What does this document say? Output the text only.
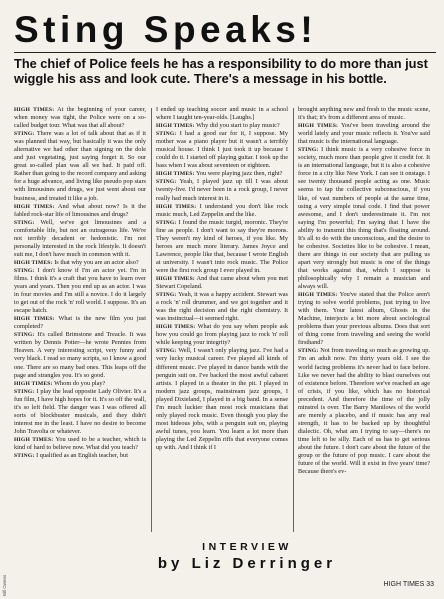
Sting Speaks!
The chief of Police feels he has a responsibility to do more than just wiggle his ass and look cute. There's a message in his bottle.

HIGH TIMES: At the beginning of your career, when money was tight, the Police were on a so-called budget tour. What was that all about?

STING: There was a lot of talk about that as if it was planned that way, but basically it was the only alternative we had other than signing on the dole and just vegetating, just saying forget it. So our great so-called plan was all we had. It paid off. Rather than going to the record company and asking for a huge advance, and living like pseudo pop stars with limousines and drugs, we just went about our business, and treated it like a job.

HIGH TIMES: And what about now? Is it the fabled rock-star life of limousines and drugs?

STING: Well, we've got limousines and a comfortable life, but not an outrageous life. We're not terribly decadent or hedonistic. I'm not personally interested in the rock lifestyle. It doesn't suit me, I don't have much in common with it.

HIGH TIMES: Is that why you are an actor also?

STING: I don't know if I'm an actor yet. I'm in films. I think it's a craft that you have to learn over years and years. Then you end up as an actor. I was in four movies and I'm still a novice. I do it largely to get out of the rock 'n' roll world. I suppose. It's an escape hatch.

HIGH TIMES: What is the new film you just completed?

STING: It's called Brimstone and Treacle. It was written by Dennis Potter—he wrote Pennies from Heaven. A very interesting script, very funny and very black. I read so many scripts, so I know a good one. There are so many bad ones. This leaps off the page and strangles you. It's so good.

HIGH TIMES: Whom do you play?

STING: I play the lead opposite Lady Olivier. It's a fun film, I have high hopes for it. It's so off the wall, it's so left field. The danger was I was offered all sorts of blockbuster musicals, and they didn't interest me in the least. I have no desire to become John Travolta or whatever.

HIGH TIMES: You used to be a teacher, which is kind of hard to believe now. What did you teach?

STING: I qualified as an English teacher, but

I ended up teaching soccer and music in a school where I taught ten-year-olds. [Laughs.]

HIGH TIMES: Why did you start to play music?

STING: I had a good ear for it, I suppose. My mother was a piano player but it wasn't a terribly musical house. I think I just took it up because I could do it. I started off playing guitar. I took up the bass when I was about seventeen or eighteen.

HIGH TIMES: You were playing jazz then, right?

STING: Yeah, I played jazz up till I was about twenty-five. I'd never been in a rock group, I never really had much interest in it.

HIGH TIMES: I understand you don't like rock music much, Led Zeppelin and the like.

STING: I found the music turgid, moronic. They're fine as people. I don't want to say they're morons. They weren't my kind of heroes, if you like. My heroes are much more literary. James Joyce and Lawrence, people like that, because I wrote English at university. I wasn't into rock music. The Police were the first rock group I ever played in.

HIGH TIMES: And that came about when you met Stewart Copeland.

STING: Yeah, it was a happy accident. Stewart was a rock 'n' roll drummer, and we got together and it was the right decision and the right chemistry. It was instinctual—it seemed right.

HIGH TIMES: What do you say when people ask how you could go from playing jazz to rock 'n' roll while keeping your integrity?

STING: Well, I wasn't only playing jazz. I've had a very lucky musical career. I've played all kinds of different music. I've played in dance bands with the penguin suit on. I've backed the most awful cabaret artists. I played in a theater in the pit. I played in modern jazz groups, mainstream jazz groups, I played Dixieland, I played in a big band. In a sense I'm much luckier than most rock musicians that only played rock music. Even though you play the most hideous jobs, with a penguin suit on, playing awful tunes, you learn. You learn a lot more than playing the Led Zeppelin riffs that everyone comes up with. And I think if I

brought anything new and fresh to the music scene, it's that; it's from a different area of music.

HIGH TIMES: You've been traveling around the world lately and your music reflects it. You've said that music is the international language.

STING: I think music is a very cohesive force in society, much more than people give it credit for. It is an international language, but it is also a cohesive force in a city like New York. I can see it onstage. I see twenty thousand people acting as one. Music seems to tap the collective subconscious, if you like, of vast numbers of people at the same time, using a very simple tonal code. I find that power awesome, and I don't underestimate it. I'm not saying I'm powerful; I'm saying that I have the ability to transmit this thing that's floating around. It's all to do with the unconscious, and the desire to be cohesive. Societies like to be cohesive. I mean, there are things in our society that are pulling us apart very strongly but music is one of the things that works against that, which I suppose is philosophically why I remain a musician and always will.

HIGH TIMES: You've stated that the Police aren't trying to solve world problems, just trying to live with them. Your latest album, Ghosts in the Machine, interjects a bit more about sociological problems than your previous albums. Does that sort of thing come from traveling and seeing the world firsthand?

STING: Not from traveling so much as growing up. I'm an adult now. I'm thirty years old. I see the world facing problems it's never had to face before. Like we never had the ability to blast ourselves out of existence before. Therefore we've reached an age of crisis, if you like, which has no historical precedent. And therefore the time of the jolly minstrel is over. The Barry Manilows of the world are merely a placebo, and if music has any real strength, it has to be backed up by thoughtful dialectic. Oh, what am I trying to say—there's no time left to be silly. Each of us has to get serious about the future. I don't care about the future of the group or the future of pop music. I care about the future of the world. Will it exist in five years' time? Because there's ev-

INTERVIEW
by Liz Derringer
HIGH TIMES 33
Bill Owens
